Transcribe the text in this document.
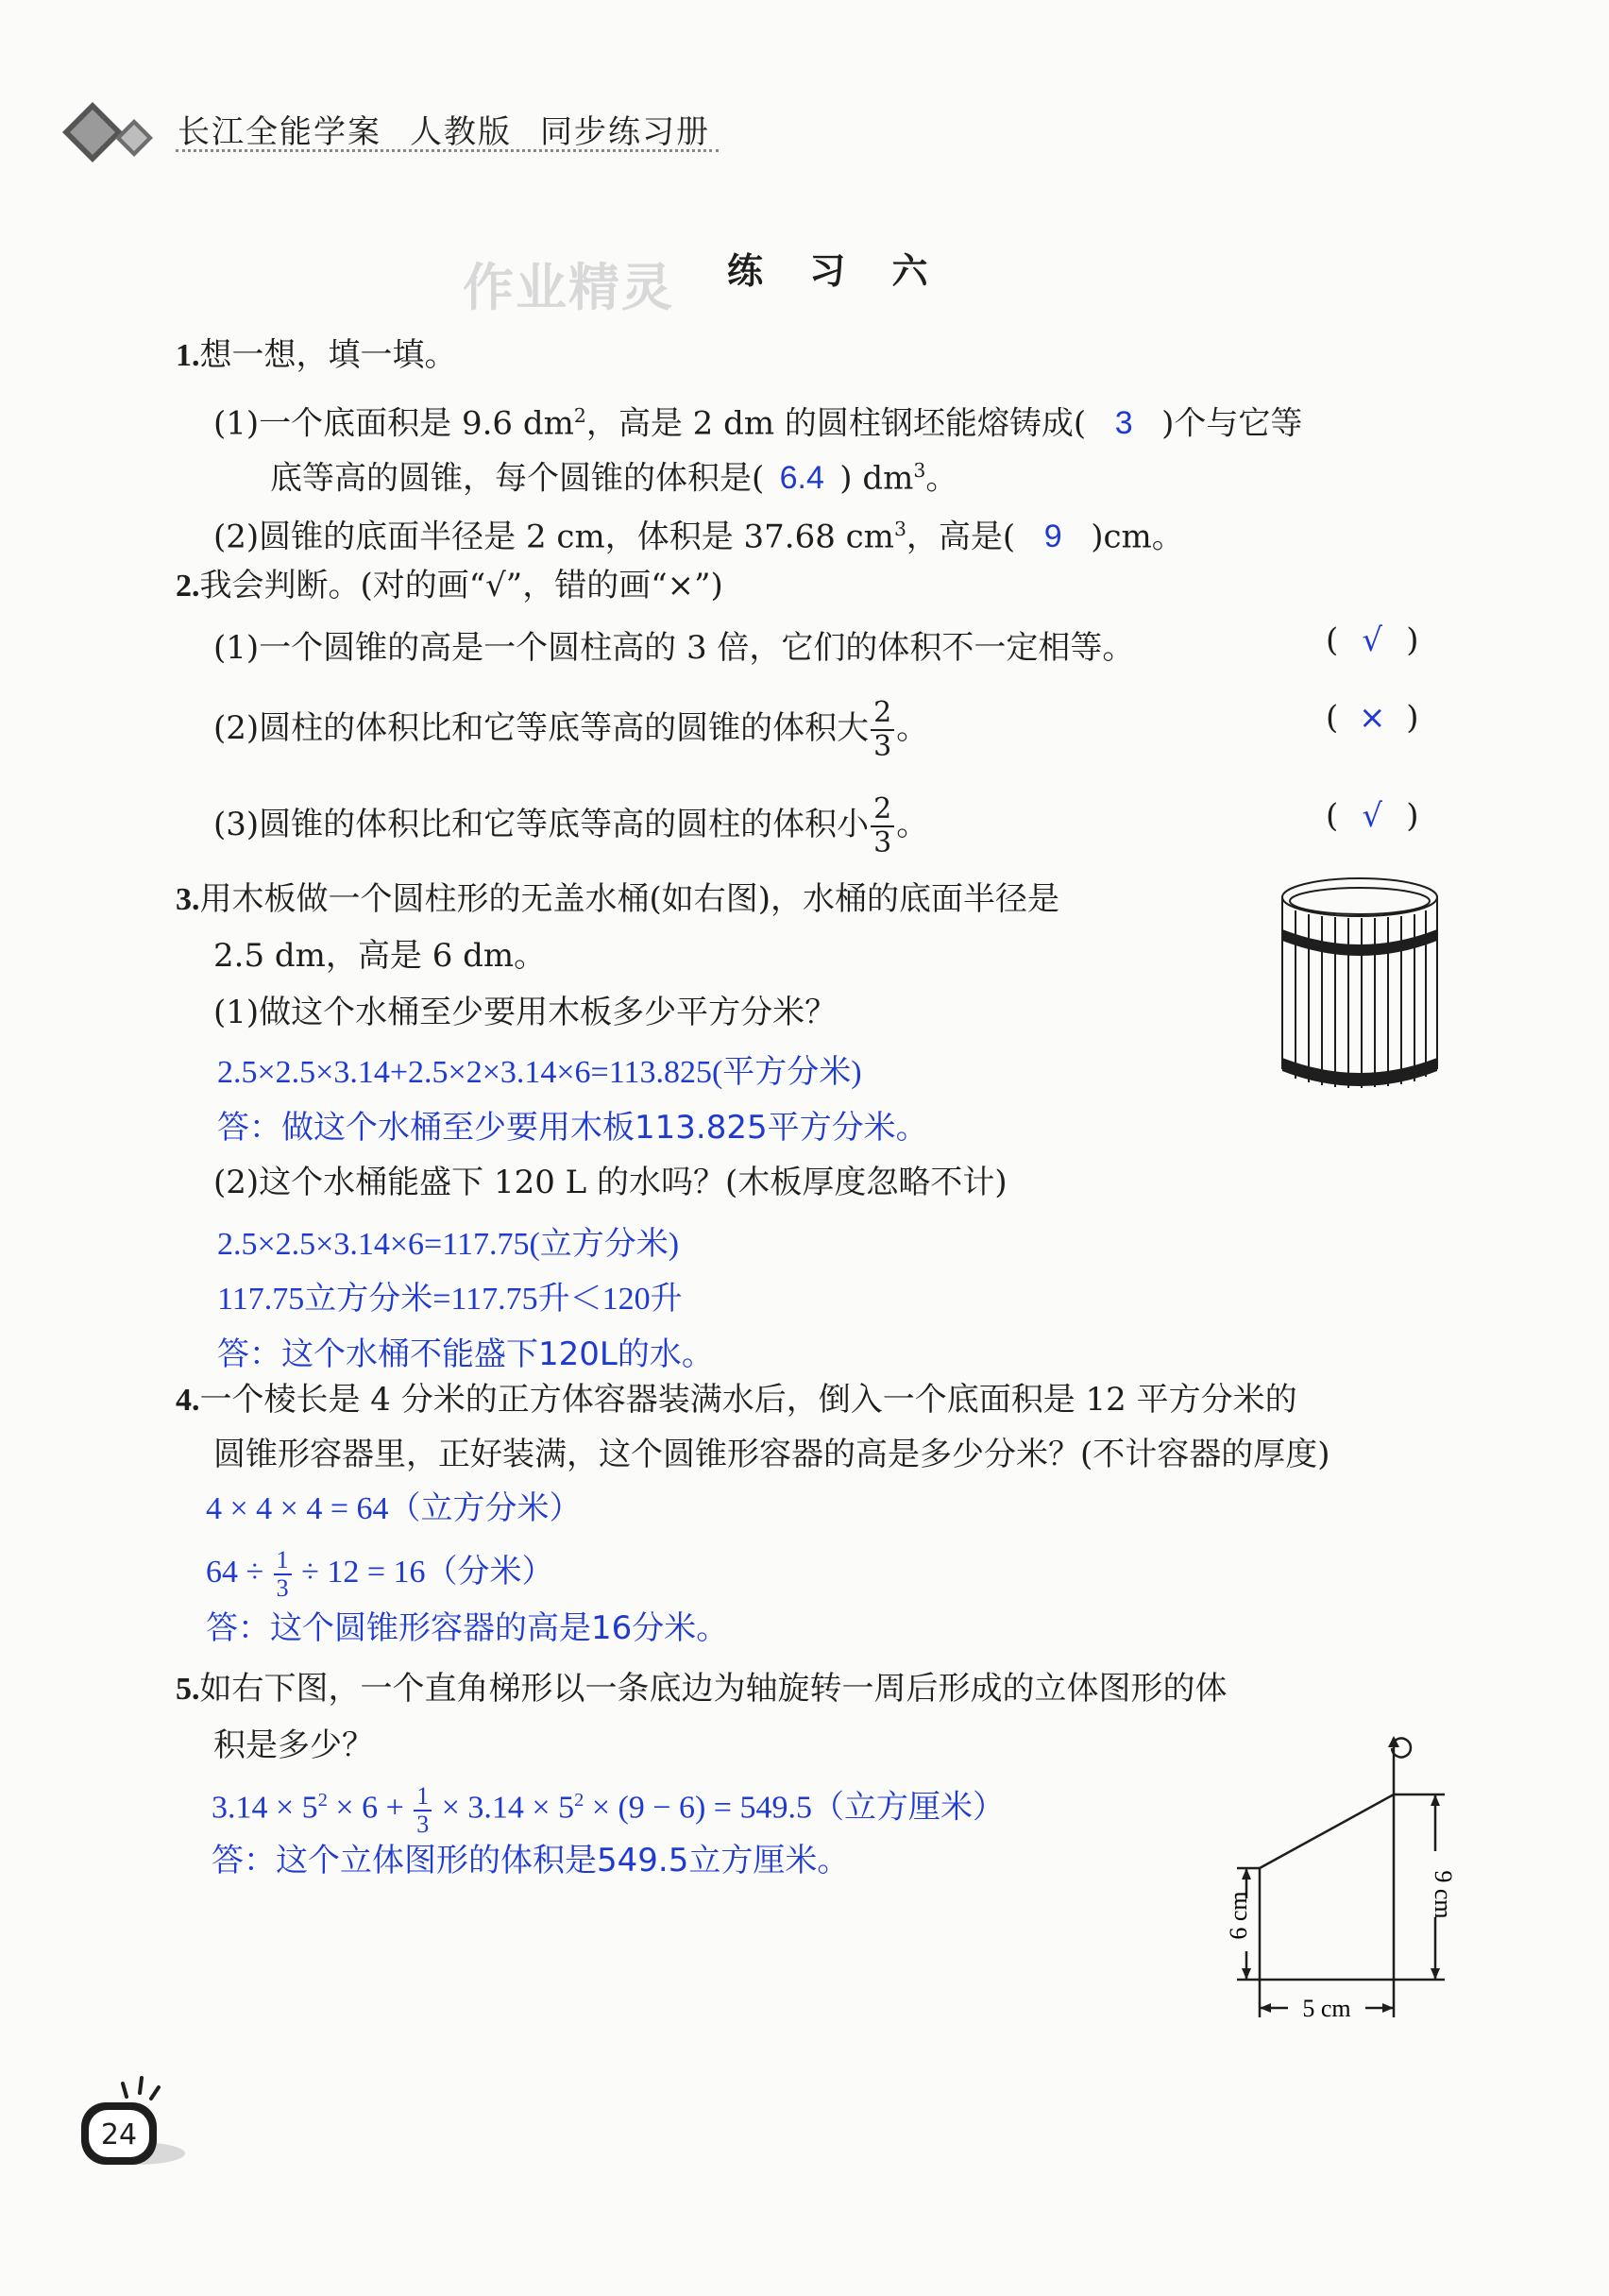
长江全能学案 人教版 同步练习册
作业精灵 练 习 六
1.想一想，填一填。
(1)一个底面积是 9.6 $dm^2$，高是 2 dm 的圆柱钢坯能熔铸成( 3 )个与它等
底等高的圆锥，每个圆锥的体积是( 6.4 ) $dm^3$。
(2)圆锥的底面半径是 2 cm，体积是 37.68 $cm^3$，高是( 9 )cm。
2.我会判断。(对的画“√”，错的画“×”)
(1)一个圆锥的高是一个圆柱高的 3 倍，它们的体积不一定相等。	( √ )
(2)圆柱的体积比和它等底等高的圆锥的体积大 $\frac{2}{3}$ 。	( × )
(3)圆锥的体积比和它等底等高的圆柱的体积小 $\frac{2}{3}$ 。	( √ )
3.用木板做一个圆柱形的无盖水桶(如右图)，水桶的底面半径是
2.5 dm，高是 6 dm。
(1)做这个水桶至少要用木板多少平方分米？
2.5×2.5×3.14+2.5×2×3.14×6=113.825(平方分米)
答：做这个水桶至少要用木板113.825平方分米。
(2)这个水桶能盛下 120 L 的水吗？(木板厚度忽略不计)
2.5×2.5×3.14×6=117.75(立方分米)
117.75立方分米=117.75升＜120升
答：这个水桶不能盛下120L的水。
4.一个棱长是 4 分米的正方体容器装满水后，倒入一个底面积是 12 平方分米的
圆锥形容器里，正好装满，这个圆锥形容器的高是多少分米？(不计容器的厚度)
4 × 4 × 4 = 64（立方分米）
$64 \div \frac{1}{3} \div 12 = 16$（分米）
答：这个圆锥形容器的高是16分米。
5.如右下图，一个直角梯形以一条底边为轴旋转一周后形成的立体图形的体
积是多少？
$3.14 \times 5^2 \times 6 + \frac{1}{3} \times 3.14 \times 5^2 \times (9 - 6) = 549.5$（立方厘米）
答：这个立体图形的体积是549.5立方厘米。
6 cm	9 cm
5 cm
24
